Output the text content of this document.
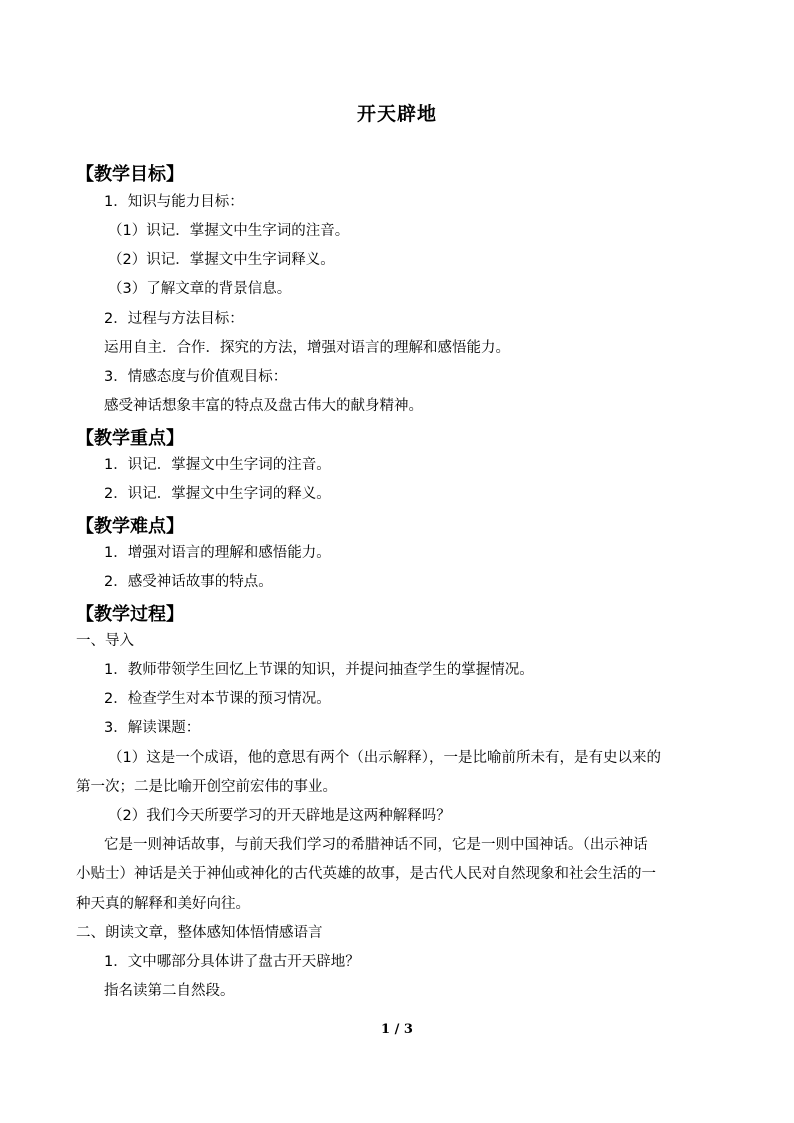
开天辟地
【教学目标】
1．知识与能力目标：
（1）识记．掌握文中生字词的注音。
（2）识记．掌握文中生字词释义。
（3）了解文章的背景信息。
2．过程与方法目标：
运用自主．合作．探究的方法，增强对语言的理解和感悟能力。
3．情感态度与价值观目标：
感受神话想象丰富的特点及盘古伟大的献身精神。
【教学重点】
1．识记．掌握文中生字词的注音。
2．识记．掌握文中生字词的释义。
【教学难点】
1．增强对语言的理解和感悟能力。
2．感受神话故事的特点。
【教学过程】
一、导入
1．教师带领学生回忆上节课的知识，并提问抽查学生的掌握情况。
2．检查学生对本节课的预习情况。
3．解读课题：
（1）这是一个成语，他的意思有两个（出示解释），一是比喻前所未有，是有史以来的
第一次；二是比喻开创空前宏伟的事业。
（2）我们今天所要学习的开天辟地是这两种解释吗？
它是一则神话故事，与前天我们学习的希腊神话不同，它是一则中国神话。（出示神话
小贴士）神话是关于神仙或神化的古代英雄的故事，是古代人民对自然现象和社会生活的一
种天真的解释和美好向往。
二、朗读文章，整体感知体悟情感语言
1．文中哪部分具体讲了盘古开天辟地？
指名读第二自然段。
1 / 3
